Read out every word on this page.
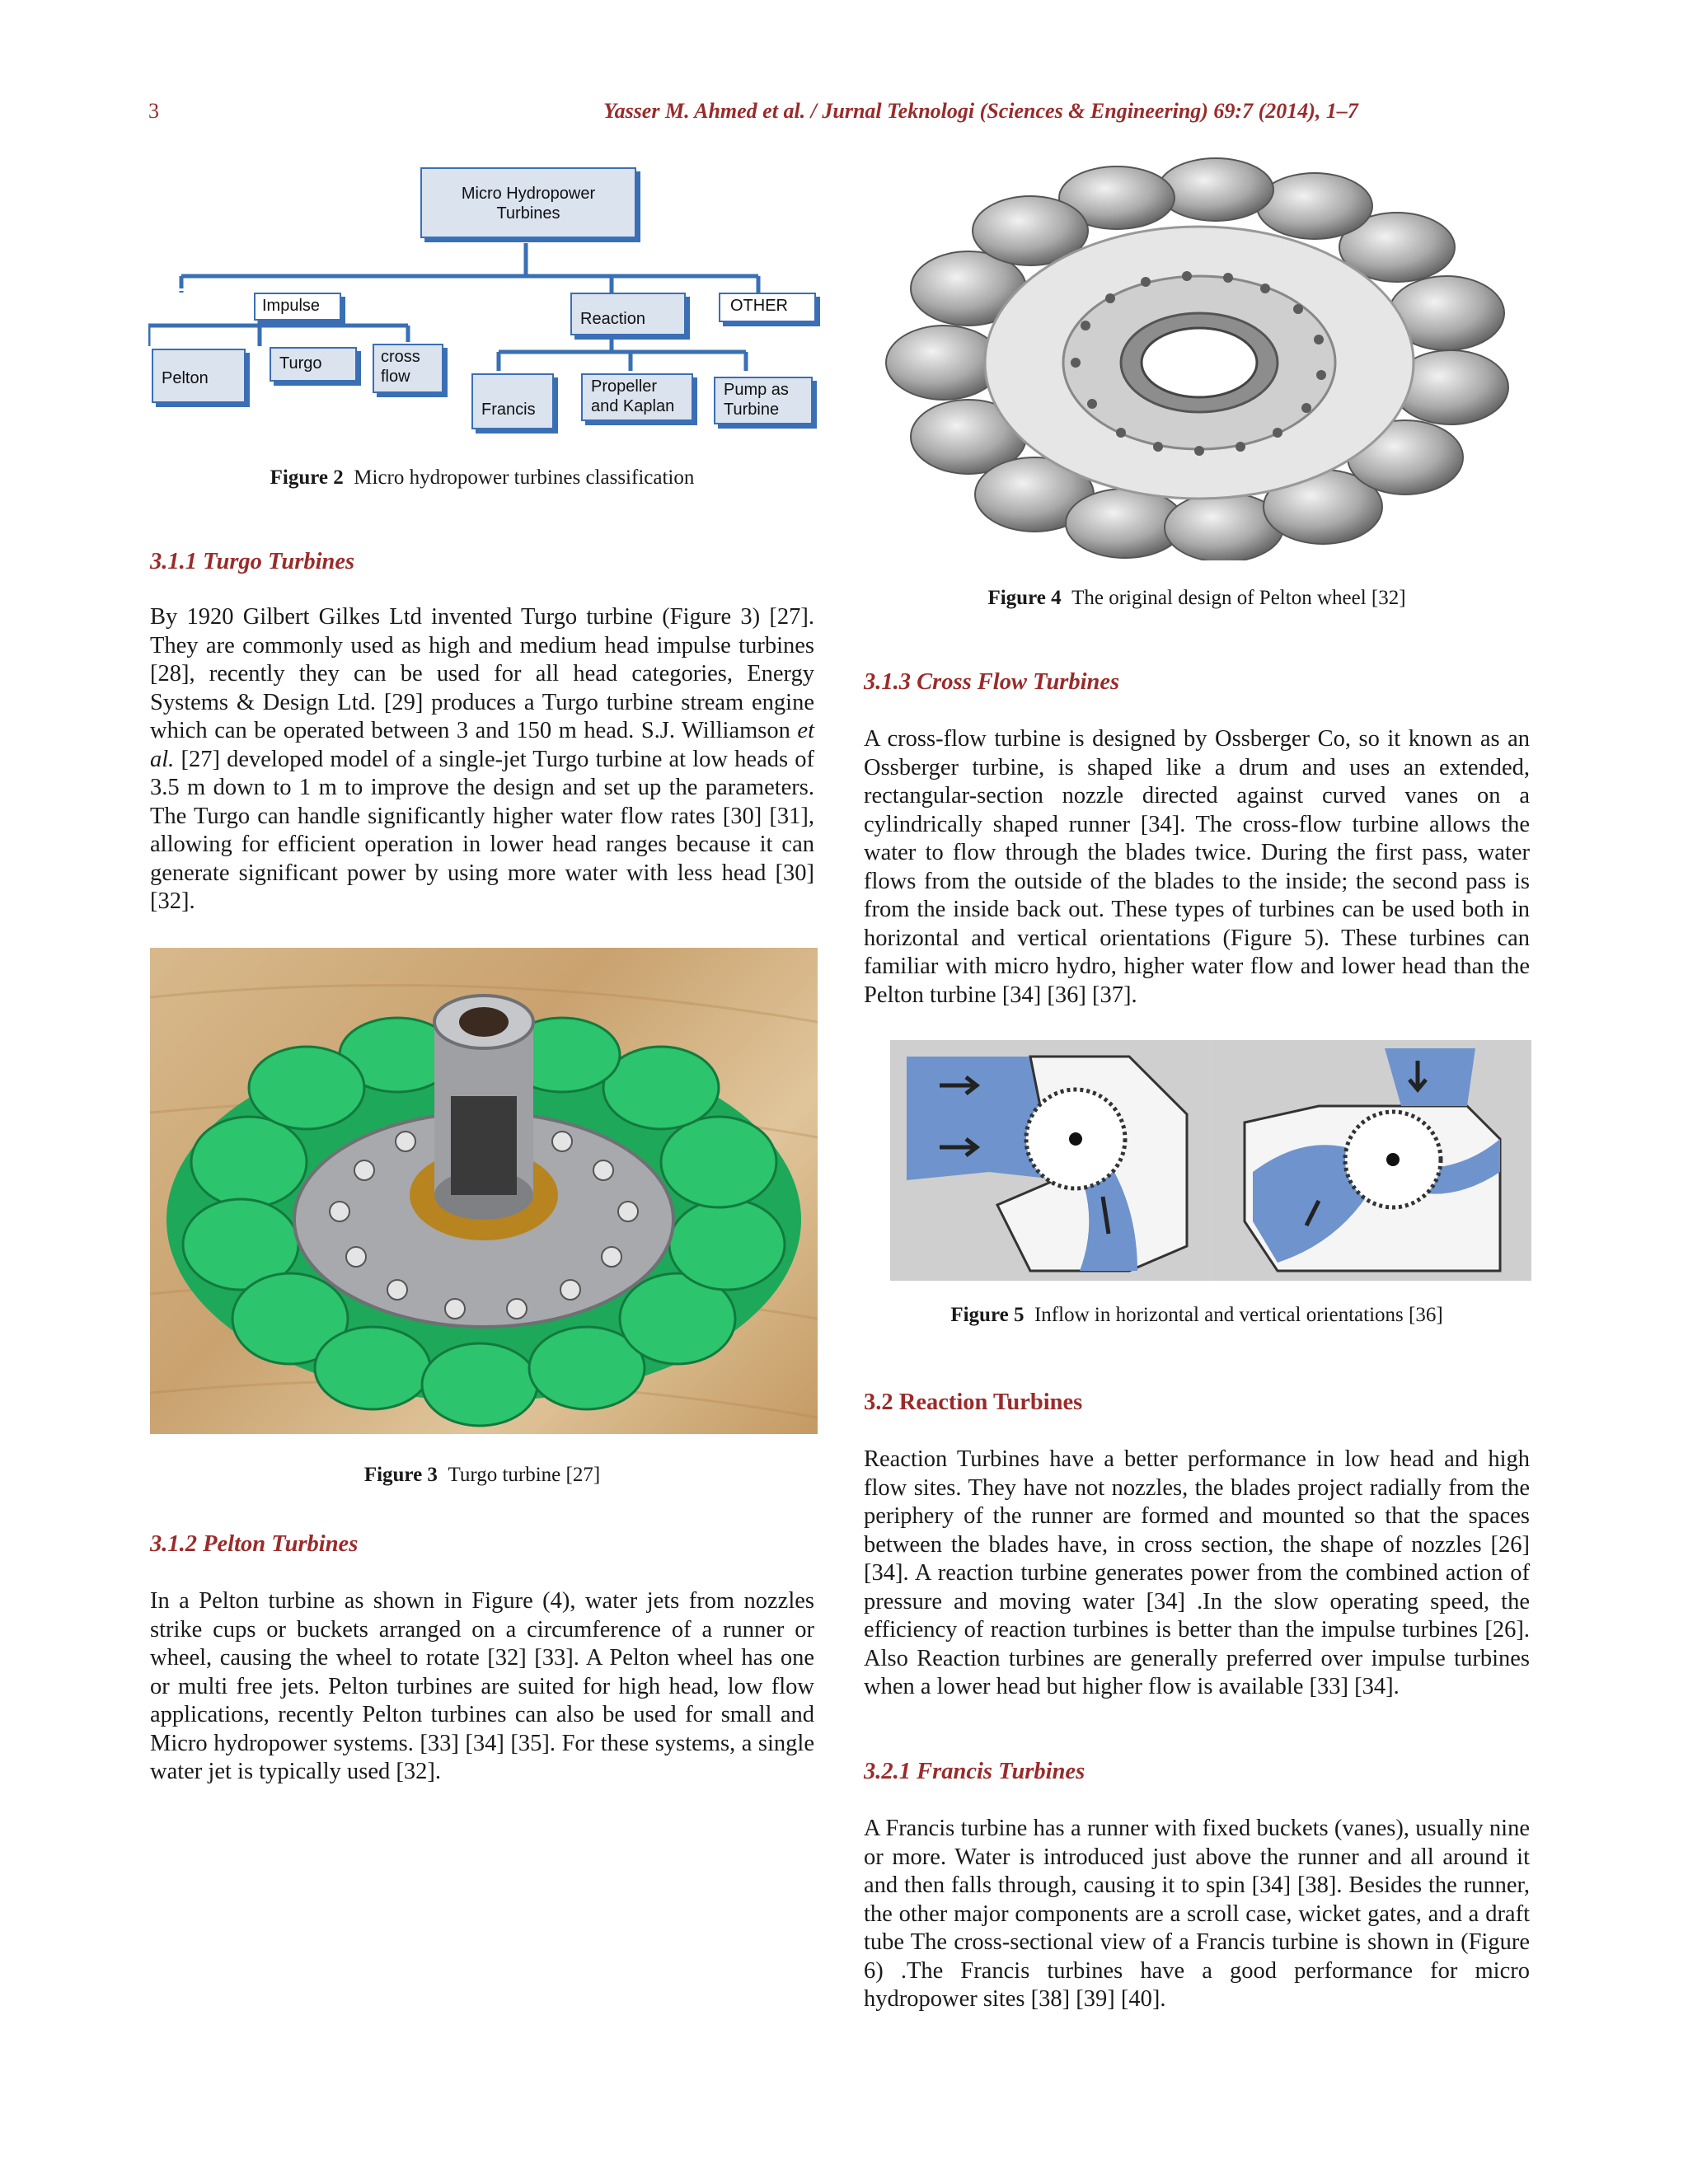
3	Yasser M. Ahmed et al. / Jurnal Teknologi (Sciences & Engineering) 69:7 (2014), 1–7
Micro Hydropower Turbines
Impulse
Reaction
OTHER
Pelton
Turgo	cross flow
Francis
Propeller and Kaplan
Pump as Turbine
Figure 2 Micro hydropower turbines classification
3.1.1 Turgo Turbines

By 1920 Gilbert Gilkes Ltd invented Turgo turbine (Figure 3) [27]. They are commonly used as high and medium head impulse turbines [28], recently they can be used for all head categories, Energy Systems & Design Ltd. [29] produces a Turgo turbine stream engine which can be operated between 3 and 150 m head. S.J. Williamson et al. [27] developed model of a single-jet Turgo turbine at low heads of 3.5 m down to 1 m to improve the design and set up the parameters. The Turgo can handle significantly higher water flow rates [30] [31], allowing for efficient operation in lower head ranges because it can generate significant power by using more water with less head [30] [32].

Figure 3 Turgo turbine [27]
3.1.2 Pelton Turbines

In a Pelton turbine as shown in Figure (4), water jets from nozzles strike cups or buckets arranged on a circumference of a runner or wheel, causing the wheel to rotate [32] [33]. A Pelton wheel has one or multi free jets. Pelton turbines are suited for high head, low flow applications, recently Pelton turbines can also be used for small and Micro hydropower systems. [33] [34] [35]. For these systems, a single water jet is typically used [32].

Figure 4 The original design of Pelton wheel [32]
3.1.3 Cross Flow Turbines

A cross-flow turbine is designed by Ossberger Co, so it known as an Ossberger turbine, is shaped like a drum and uses an extended, rectangular-section nozzle directed against curved vanes on a cylindrically shaped runner [34]. The cross-flow turbine allows the water to flow through the blades twice. During the first pass, water flows from the outside of the blades to the inside; the second pass is from the inside back out. These types of turbines can be used both in horizontal and vertical orientations (Figure 5). These turbines can familiar with micro hydro, higher water flow and lower head than the Pelton turbine [34] [36] [37].

Figure 5 Inflow in horizontal and vertical orientations [36]
3.2 Reaction Turbines

Reaction Turbines have a better performance in low head and high flow sites. They have not nozzles, the blades project radially from the periphery of the runner are formed and mounted so that the spaces between the blades have, in cross section, the shape of nozzles [26] [34]. A reaction turbine generates power from the combined action of pressure and moving water [34] .In the slow operating speed, the efficiency of reaction turbines is better than the impulse turbines [26]. Also Reaction turbines are generally preferred over impulse turbines when a lower head but higher flow is available [33] [34].

3.2.1 Francis Turbines

A Francis turbine has a runner with fixed buckets (vanes), usually nine or more. Water is introduced just above the runner and all around it and then falls through, causing it to spin [34] [38]. Besides the runner, the other major components are a scroll case, wicket gates, and a draft tube The cross-sectional view of a Francis turbine is shown in (Figure 6) .The Francis turbines have a good performance for micro hydropower sites [38] [39] [40].
